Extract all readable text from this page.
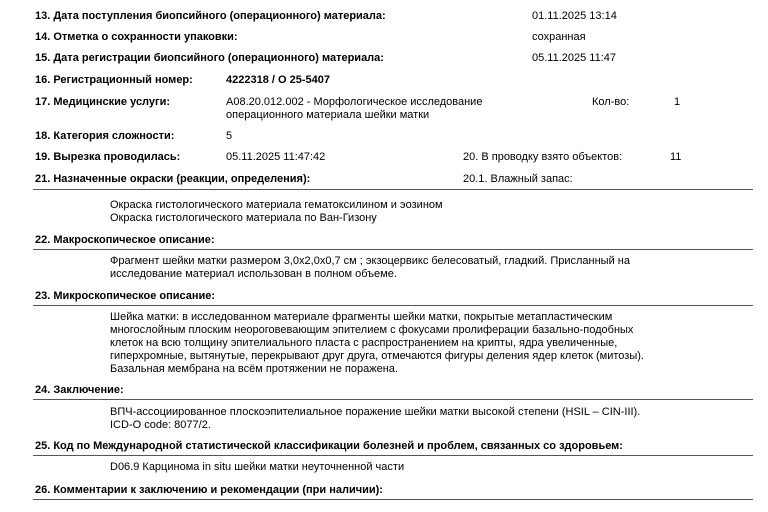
13. Дата поступления биопсийного (операционного) материала:	01.11.2025 13:14
14. Отметка о сохранности упаковки:	сохранная
15. Дата регистрации биопсийного (операционного) материала:	05.11.2025 11:47
16. Регистрационный номер:	4222318 / О 25-5407
17. Медицинские услуги:	A08.20.012.002 - Морфологическое исследование
операционного материала шейки матки
Кол-во:	1
18. Категория сложности:	5
19. Вырезка проводилась:	05.11.2025 11:47:42	20. В проводку взято объектов:	11
21. Назначенные окраски (реакции, определения):	20.1. Влажный запас:
Окраска гистологического материала гематоксилином и эозином
Окраска гистологического материала по Ван-Гизону
22. Макроскопическое описание:
Фрагмент шейки матки размером 3,0х2,0х0,7 см ; экзоцервикс белесоватый, гладкий. Присланный на
исследование материал использован в полном объеме.
23. Микроскопическое описание:
Шейка матки: в исследованном материале фрагменты шейки матки, покрытые метапластическим
многослойным плоским неороговевающим эпителием с фокусами пролиферации базально-подобных
клеток на всю толщину эпителиального пласта с распространением на крипты, ядра увеличенные,
гиперхромные, вытянутые, перекрывают друг друга, отмечаются фигуры деления ядер клеток (митозы).
Базальная мембрана на всём протяжении не поражена.
24. Заключение:
ВПЧ-ассоциированное плоскоэпителиальное поражение шейки матки высокой степени (HSIL – CIN-III).
ICD-O code: 8077/2.
25. Код по Международной статистической классификации болезней и проблем, связанных со здоровьем:
D06.9 Карцинома in situ шейки матки неуточненной части
26. Комментарии к заключению и рекомендации (при наличии):
